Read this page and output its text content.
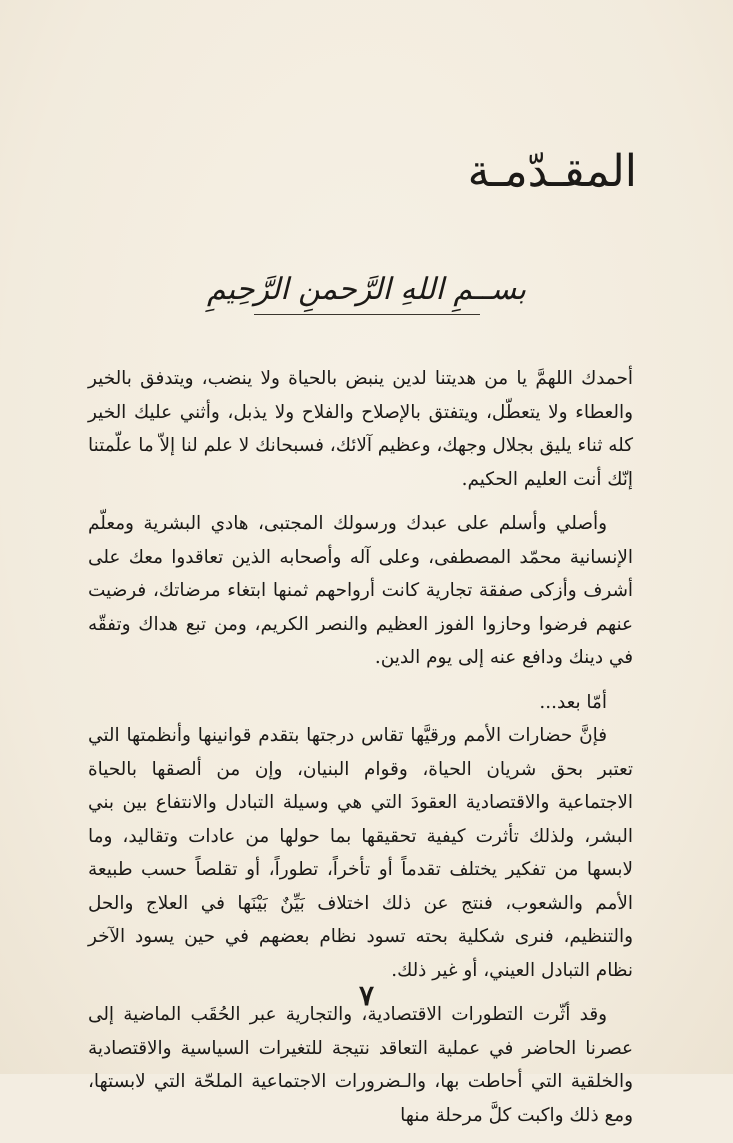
المقـدّمـة
بســمِ اللهِ الرَّحمنِ الرَّحِيمِ

أحمدك اللهمَّ يا من هديتنا لدين ينبض بالحياة ولا ينضب، ويتدفق بالخير والعطاء ولا يتعطّل، ويتفتق بالإصلاح والفلاح ولا يذبل، وأثني عليك الخير كله ثناء يليق بجلال وجهك، وعظيم آلائك، فسبحانك لا علم لنا إلاّ ما علّمتنا إنّك أنت العليم الحكيم.

وأصلي وأسلم على عبدك ورسولك المجتبى، هادي البشرية ومعلّم الإنسانية محمّد المصطفى، وعلى آله وأصحابه الذين تعاقدوا معك على أشرف وأزكى صفقة تجارية كانت أرواحهم ثمنها ابتغاء مرضاتك، فرضيت عنهم فرضوا وحازوا الفوز العظيم والنصر الكريم، ومن تبع هداك وتفقّه في دينك ودافع عنه إلى يوم الدين.

أمّا بعد...

فإنَّ حضارات الأمم ورقيَّها تقاس درجتها بتقدم قوانينها وأنظمتها التي تعتبر بحق شريان الحياة، وقوام البنيان، وإن من ألصقها بالحياة الاجتماعية والاقتصادية العقودَ التي هي وسيلة التبادل والانتفاع بين بني البشر، ولذلك تأثرت كيفية تحقيقها بما حولها من عادات وتقاليد، وما لابسها من تفكير يختلف تقدماً أو تأخراً، تطوراً، أو تقلصاً حسب طبيعة الأمم والشعوب، فنتج عن ذلك اختلاف بَيِّنٌ بَيْنَها في العلاج والحل والتنظيم، فنرى شكلية بحته تسود نظام بعضهم في حين يسود الآخر نظام التبادل العيني، أو غير ذلك.

وقد أثّرت التطورات الاقتصادية، والتجارية عبر الحُقَب الماضية إلى عصرنا الحاضر في عملية التعاقد نتيجة للتغيرات السياسية والاقتصادية والخلقية التي أحاطت بها، والـضرورات الاجتماعية الملحّة التي لابستها، ومع ذلك واكبت كلَّ مرحلة منها

٧
